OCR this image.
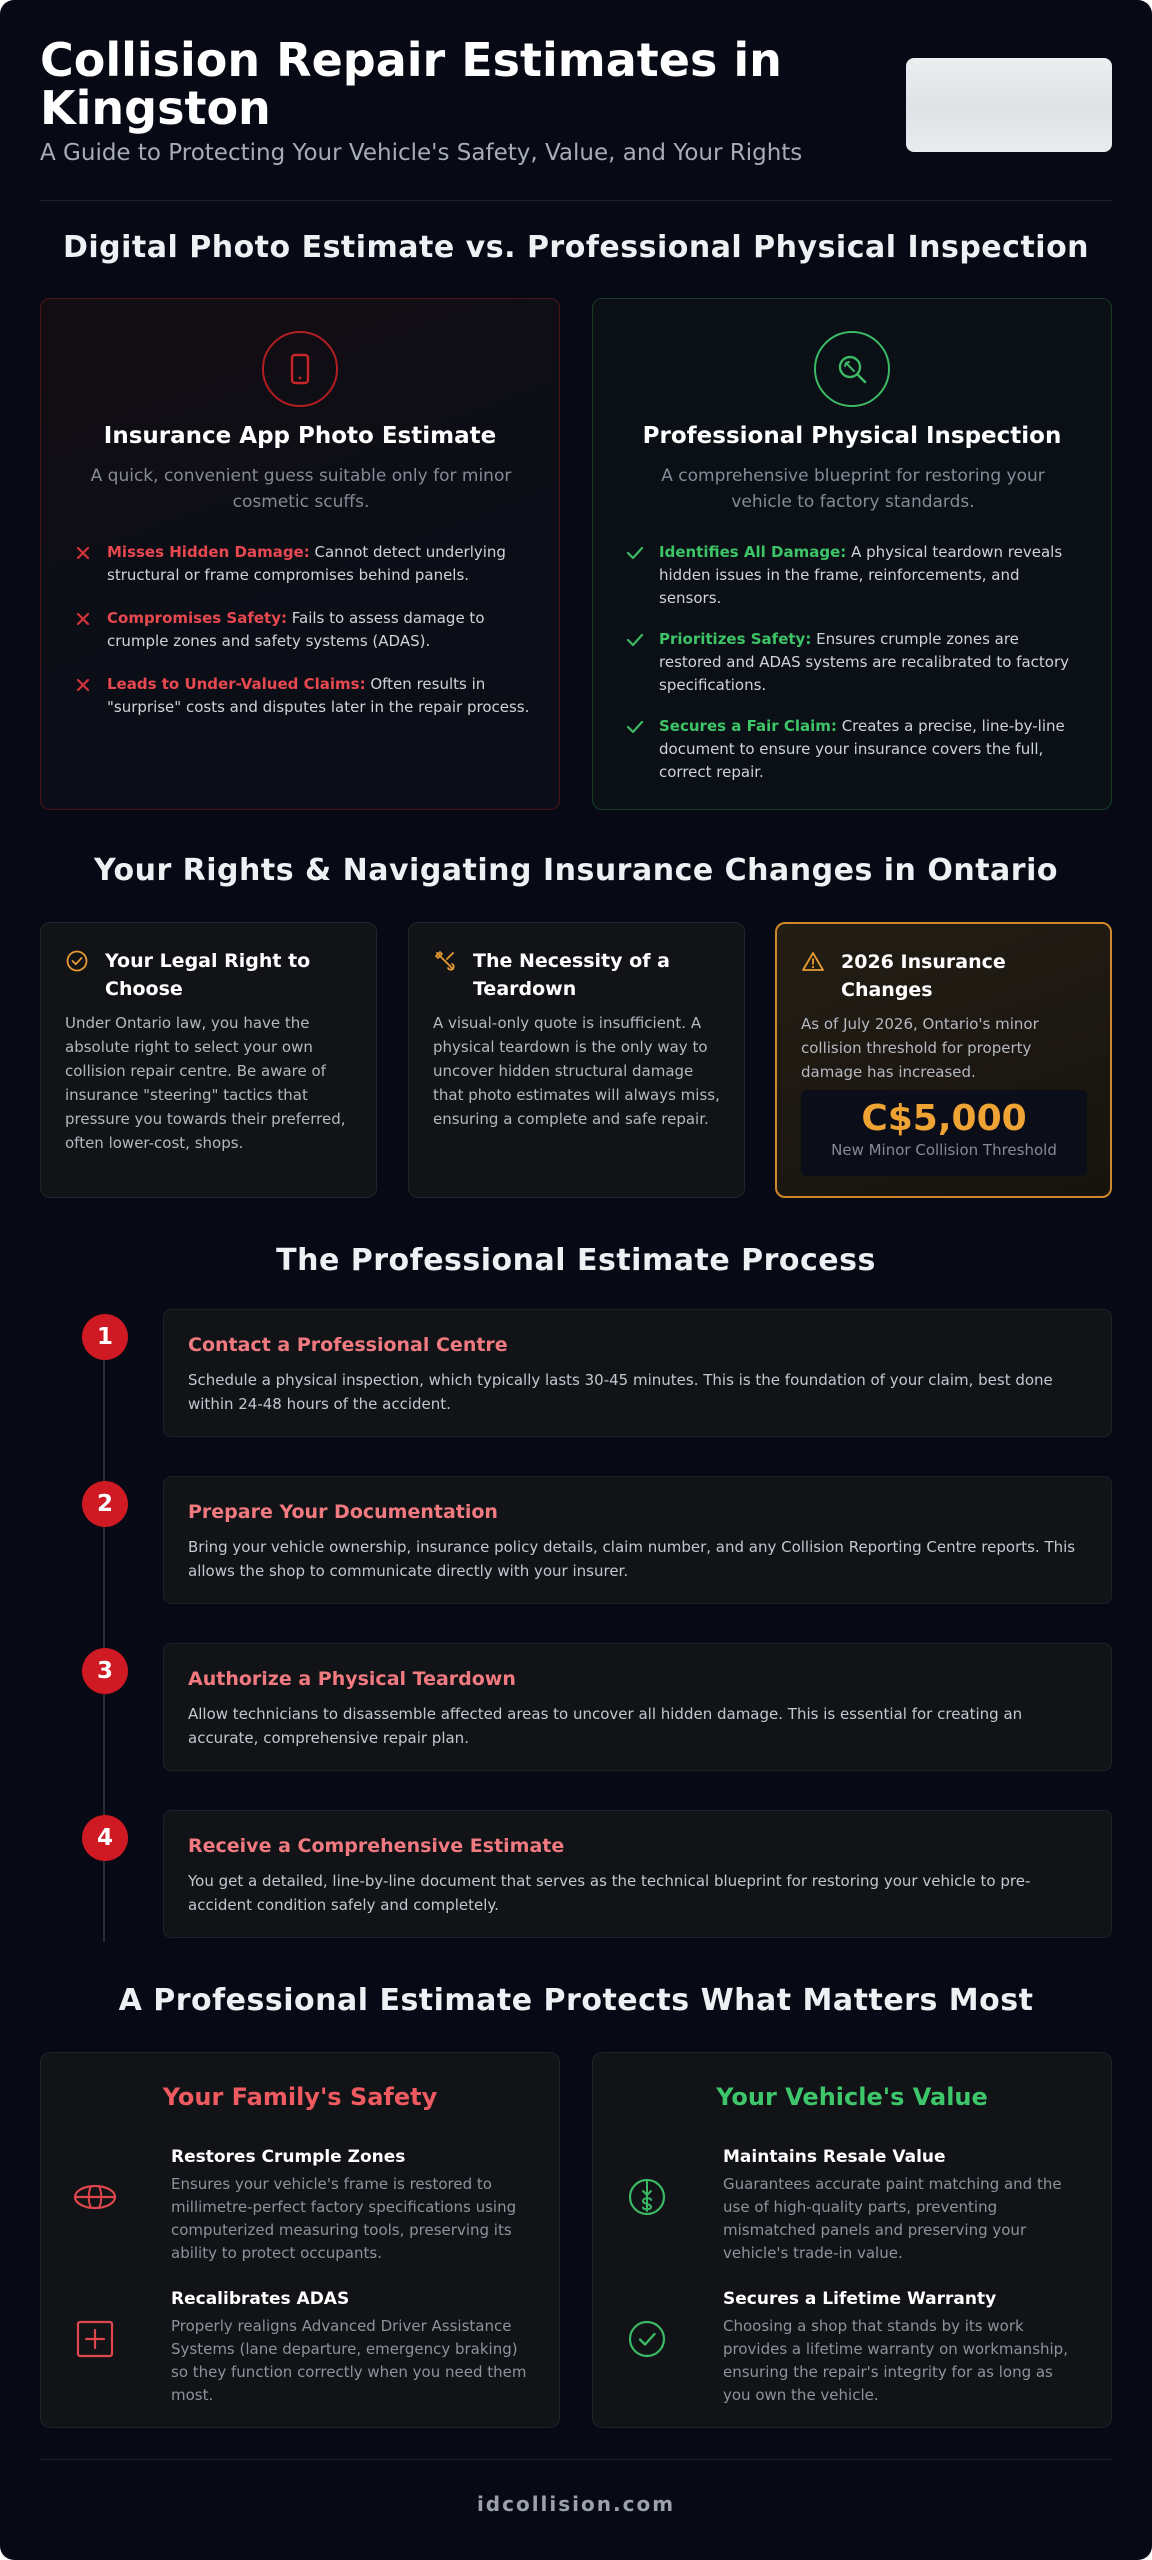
Collision Repair Estimates in Kingston
A Guide to Protecting Your Vehicle's Safety, Value, and Your Rights
Digital Photo Estimate vs. Professional Physical Inspection
Insurance App Photo Estimate
A quick, convenient guess suitable only for minor cosmetic scuffs.
Misses Hidden Damage: Cannot detect underlying structural or frame compromises behind panels.
Compromises Safety: Fails to assess damage to crumple zones and safety systems (ADAS).
Leads to Under-Valued Claims: Often results in "surprise" costs and disputes later in the repair process.
Professional Physical Inspection
A comprehensive blueprint for restoring your vehicle to factory standards.
Identifies All Damage: A physical teardown reveals hidden issues in the frame, reinforcements, and sensors.
Prioritizes Safety: Ensures crumple zones are restored and ADAS systems are recalibrated to factory specifications.
Secures a Fair Claim: Creates a precise, line-by-line document to ensure your insurance covers the full, correct repair.
Your Rights & Navigating Insurance Changes in Ontario
Your Legal Right to Choose
Under Ontario law, you have the absolute right to select your own collision repair centre. Be aware of insurance "steering" tactics that pressure you towards their preferred, often lower-cost, shops.
The Necessity of a Teardown
A visual-only quote is insufficient. A physical teardown is the only way to uncover hidden structural damage that photo estimates will always miss, ensuring a complete and safe repair.
2026 Insurance Changes
As of July 2026, Ontario's minor collision threshold for property damage has increased.
C$5,000
New Minor Collision Threshold
The Professional Estimate Process
1	Contact a Professional Centre
Schedule a physical inspection, which typically lasts 30-45 minutes. This is the foundation of your claim, best done within 24-48 hours of the accident.
2	Prepare Your Documentation
Bring your vehicle ownership, insurance policy details, claim number, and any Collision Reporting Centre reports. This allows the shop to communicate directly with your insurer.
3	Authorize a Physical Teardown
Allow technicians to disassemble affected areas to uncover all hidden damage. This is essential for creating an accurate, comprehensive repair plan.
4	Receive a Comprehensive Estimate
You get a detailed, line-by-line document that serves as the technical blueprint for restoring your vehicle to pre-accident condition safely and completely.
A Professional Estimate Protects What Matters Most
Your Family's Safety
Restores Crumple Zones
Ensures your vehicle's frame is restored to millimetre-perfect factory specifications using computerized measuring tools, preserving its ability to protect occupants.
Recalibrates ADAS
Properly realigns Advanced Driver Assistance Systems (lane departure, emergency braking) so they function correctly when you need them most.
Your Vehicle's Value
Maintains Resale Value
Guarantees accurate paint matching and the use of high-quality parts, preventing mismatched panels and preserving your vehicle's trade-in value.
Secures a Lifetime Warranty
Choosing a shop that stands by its work provides a lifetime warranty on workmanship, ensuring the repair's integrity for as long as you own the vehicle.
idcollision.com
